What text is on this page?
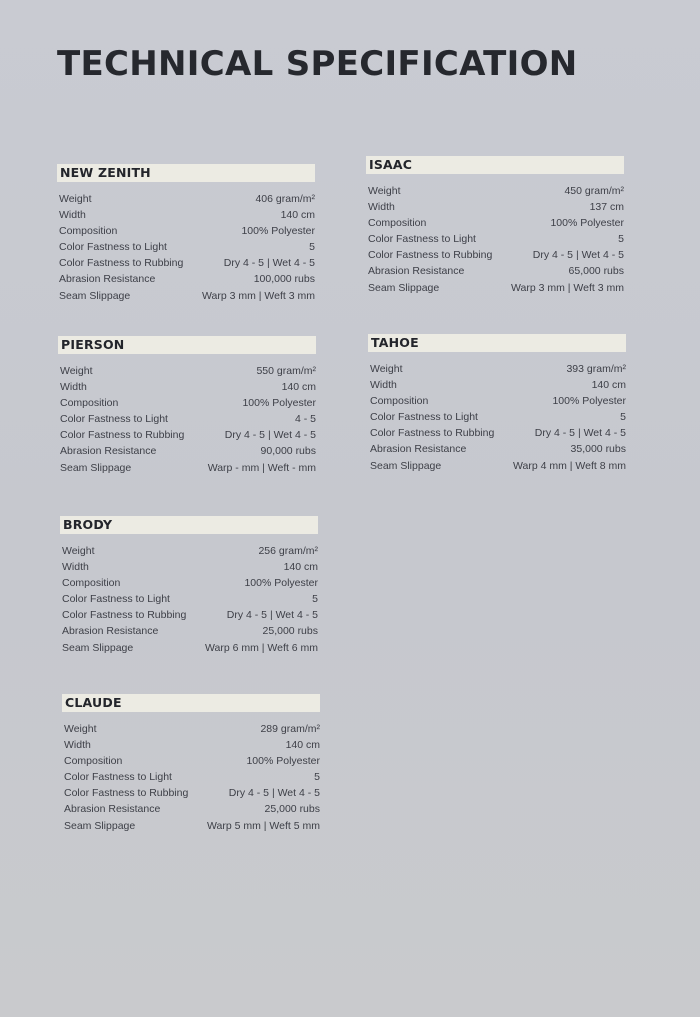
TECHNICAL SPECIFICATION
NEW ZENITH
Weight	406 gram/m²
Width	140 cm
Composition	100% Polyester
Color Fastness to Light	5
Color Fastness to Rubbing	Dry 4 - 5 | Wet 4 - 5
Abrasion Resistance	100,000 rubs
Seam Slippage	Warp 3 mm | Weft 3 mm
ISAAC
Weight	450 gram/m²
Width	137 cm
Composition	100% Polyester
Color Fastness to Light	5
Color Fastness to Rubbing	Dry 4 - 5 | Wet 4 - 5
Abrasion Resistance	65,000 rubs
Seam Slippage	Warp 3 mm | Weft 3 mm
PIERSON
Weight	550 gram/m²
Width	140 cm
Composition	100% Polyester
Color Fastness to Light	4 - 5
Color Fastness to Rubbing	Dry 4 - 5 | Wet 4 - 5
Abrasion Resistance	90,000 rubs
Seam Slippage	Warp - mm | Weft - mm
TAHOE
Weight	393 gram/m²
Width	140 cm
Composition	100% Polyester
Color Fastness to Light	5
Color Fastness to Rubbing	Dry 4 - 5 | Wet 4 - 5
Abrasion Resistance	35,000 rubs
Seam Slippage	Warp 4 mm | Weft 8 mm
BRODY
Weight	256 gram/m²
Width	140 cm
Composition	100% Polyester
Color Fastness to Light	5
Color Fastness to Rubbing	Dry 4 - 5 | Wet 4 - 5
Abrasion Resistance	25,000 rubs
Seam Slippage	Warp 6 mm | Weft 6 mm
CLAUDE
Weight	289 gram/m²
Width	140 cm
Composition	100% Polyester
Color Fastness to Light	5
Color Fastness to Rubbing	Dry 4 - 5 | Wet 4 - 5
Abrasion Resistance	25,000 rubs
Seam Slippage	Warp 5 mm | Weft 5 mm
